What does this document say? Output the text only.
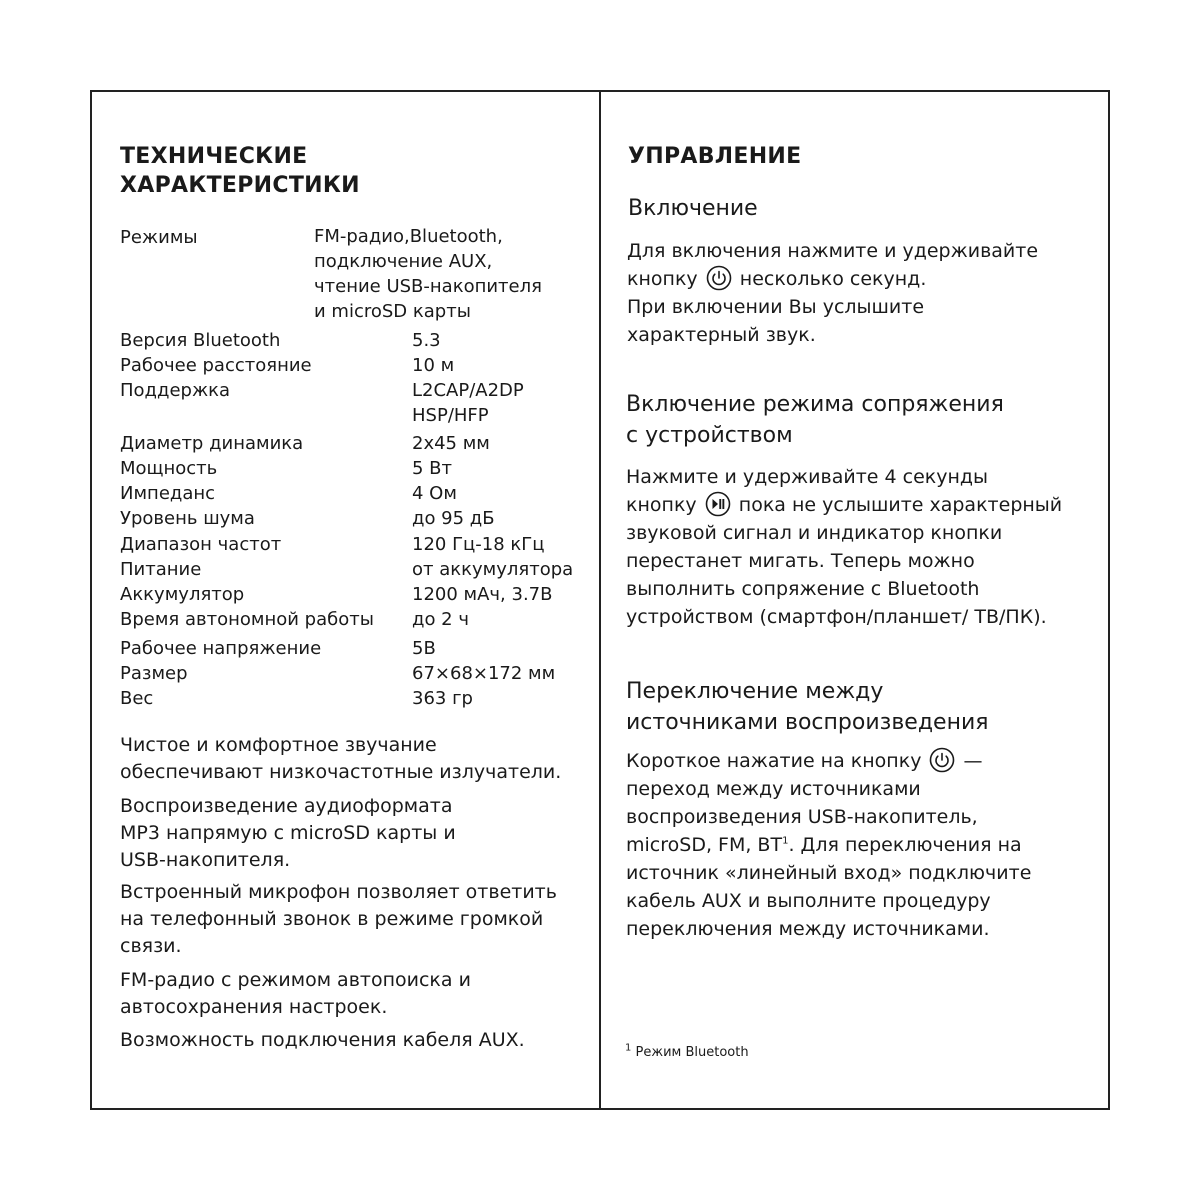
ТЕХНИЧЕСКИЕ
ХАРАКТЕРИСТИКИ
Режимы	FM-радио,Bluetooth,
подключение AUX,
чтение USB-накопителя
и microSD карты
Версия Bluetooth	5.3
Рабочее расстояние	10 м
Поддержка	L2CAP/A2DP
HSP/HFP
Диаметр динамика	2x45 мм
Мощность	5 Вт
Импеданс	4 Ом
Уровень шума	до 95 дБ
Диапазон частот	120 Гц-18 кГц
Питание	от аккумулятора
Аккумулятор	1200 мАч, 3.7В
Время автономной работы до 2 ч
Рабочее напряжение	5В
Размер	67×68×172 мм
Вес	363 гр
Чистое и комфортное звучание
обеспечивают низкочастотные излучатели.
Воспроизведение аудиоформата
MP3 напрямую с microSD карты и
USB-накопителя.
Встроенный микрофон позволяет ответить
на телефонный звонок в режиме громкой
связи.
FM-радио с режимом автопоиска и
автосохранения настроек.
Возможность подключения кабеля AUX.
УПРАВЛЕНИЕ
Включение
Для включения нажмите и удерживайте
кнопку несколько секунд.
При включении Вы услышите
характерный звук.
Включение режима сопряжения
с устройством
Нажмите и удерживайте 4 секунды
кнопку пока не услышите характерный
звуковой сигнал и индикатор кнопки
перестанет мигать. Теперь можно
выполнить сопряжение с Bluetooth
устройством (смартфон/планшет/ ТВ/ПК).
Переключение между
источниками воспроизведения
Короткое нажатие на кнопку —
переход между источниками
воспроизведения USB-накопитель,
microSD, FM, $BT^1$. Для переключения на
источник «линейный вход» подключите
кабель AUX и выполните процедуру
переключения между источниками.
$^1$ Режим Bluetooth
